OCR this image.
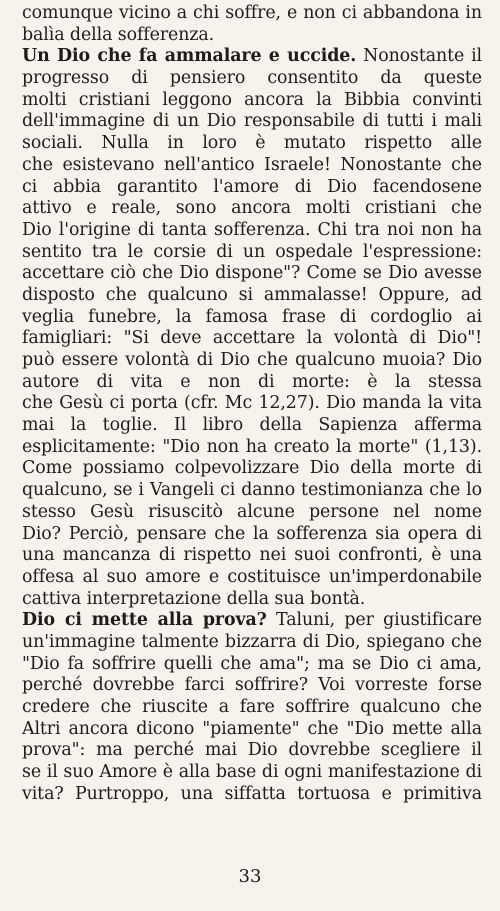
comunque vicino a chi soffre, e non ci abbandona in
balìa della sofferenza.
Un Dio che fa ammalare e uccide. Nonostante il
progresso di pensiero consentito da queste
molti cristiani leggono ancora la Bibbia convinti
dell'immagine di un Dio responsabile di tutti i mali
sociali. Nulla in loro è mutato rispetto alle
che esistevano nell'antico Israele! Nonostante che
ci abbia garantito l'amore di Dio facendosene
attivo e reale, sono ancora molti cristiani che
Dio l'origine di tanta sofferenza. Chi tra noi non ha
sentito tra le corsie di un ospedale l'espressione:
accettare ciò che Dio dispone"? Come se Dio avesse
disposto che qualcuno si ammalasse! Oppure, ad
veglia funebre, la famosa frase di cordoglio ai
famigliari: "Si deve accettare la volontà di Dio"!
può essere volontà di Dio che qualcuno muoia? Dio
autore di vita e non di morte: è la stessa
che Gesù ci porta (cfr. Mc 12,27). Dio manda la vita
mai la toglie. Il libro della Sapienza afferma
esplicitamente: "Dio non ha creato la morte" (1,13).
Come possiamo colpevolizzare Dio della morte di
qualcuno, se i Vangeli ci danno testimonianza che lo
stesso Gesù risuscitò alcune persone nel nome
Dio? Perciò, pensare che la sofferenza sia opera di
una mancanza di rispetto nei suoi confronti, è una
offesa al suo amore e costituisce un'imperdonabile
cattiva interpretazione della sua bontà.
Dio ci mette alla prova? Taluni, per giustificare
un'immagine talmente bizzarra di Dio, spiegano che
"Dio fa soffrire quelli che ama"; ma se Dio ci ama,
perché dovrebbe farci soffrire? Voi vorreste forse
credere che riuscite a fare soffrire qualcuno che
Altri ancora dicono "piamente" che "Dio mette alla
prova": ma perché mai Dio dovrebbe scegliere il
se il suo Amore è alla base di ogni manifestazione di
vita? Purtroppo, una siffatta tortuosa e primitiva
33
